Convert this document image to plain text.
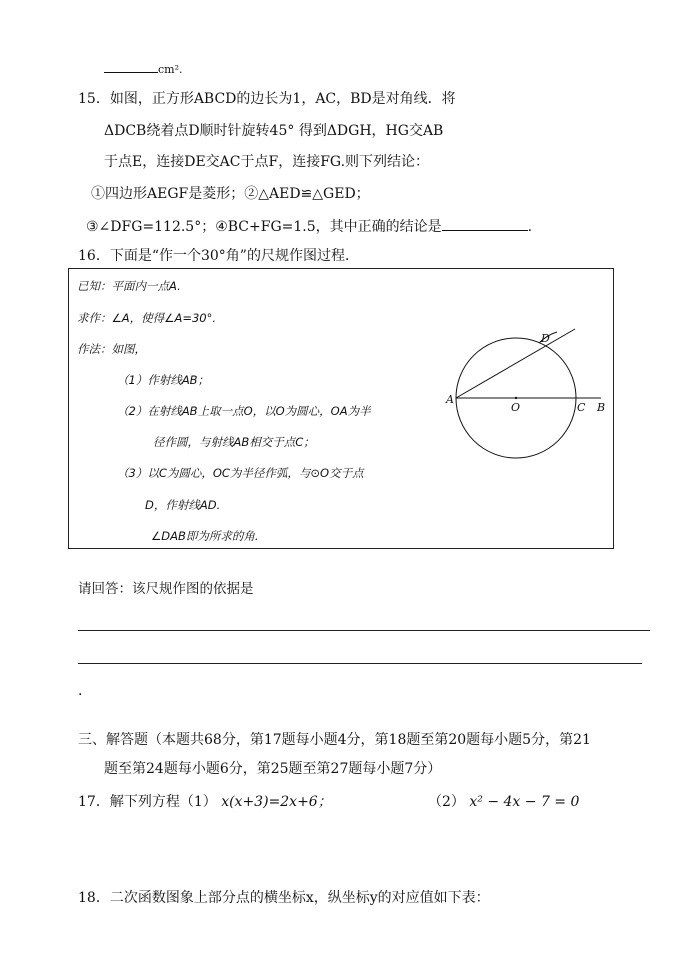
cm².
15．如图，正方形ABCD的边长为1，AC，BD是对角线．将
ΔDCB绕着点D顺时针旋转45° 得到ΔDGH，HG交AB
于点E，连接DE交AC于点F，连接FG.则下列结论：
①四边形AEGF是菱形；②△AED≌△GED；
③∠DFG=112.5°；④BC+FG=1.5，其中正确的结论是	.
16．下面是“作一个30°角”的尺规作图过程．
已知：平面内一点A.
求作：∠A，使得∠A=30°.
作法：如图，
（1）作射线AB；
（2）在射线AB上取一点O，以O为圆心，OA为半
径作圆，与射线AB相交于点C；
（3）以C为圆心，OC为半径作弧，与⊙O交于点
D，作射线AD.
∠DAB即为所求的角.
A
O	C B
D
请回答：该尺规作图的依据是
.
三、解答题（本题共68分，第17题每小题4分，第18题至第20题每小题5分，第21
题至第24题每小题6分，第25题至第27题每小题7分）
17．解下列方程（1） x(x+3)=2x+6；	（2） x² − 4x − 7 = 0
18．二次函数图象上部分点的横坐标x，纵坐标y的对应值如下表：
